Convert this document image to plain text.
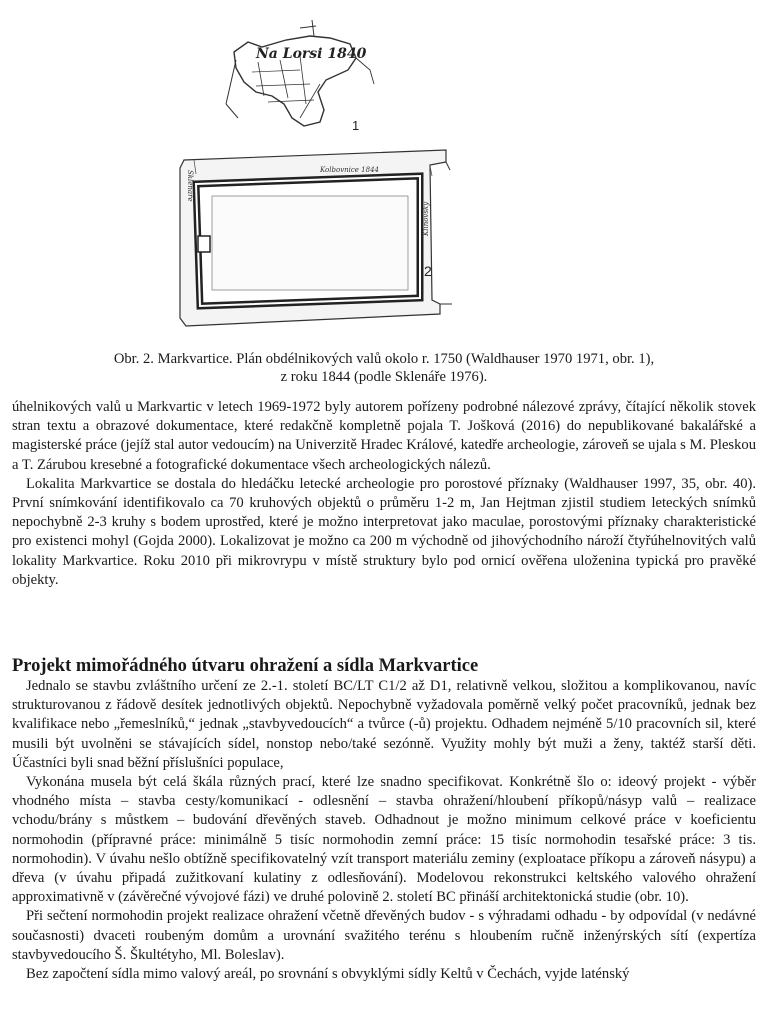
Na Lorsi 1840
1
Kolbovnice 1844
Sklenáře
Klinovský
2
Obr. 2. Markvartice. Plán obdélnikových valů okolo r. 1750 (Waldhauser 1970 1971, obr. 1),
z roku 1844 (podle Sklenáře 1976).

úhelnikových valů u Markvartic v letech 1969-1972 byly autorem pořízeny podrobné nálezové zprávy, čítající několik stovek stran textu a obrazové dokumentace, které redakčně kompletně pojala T. Jošková (2016) do nepublikované bakalářské a magisterské práce (jejíž stal autor vedoucím) na Univerzitě Hradec Králové, katedře archeologie, zároveň se ujala s M. Pleskou a T. Zárubou kresebné a fotografické dokumentace všech archeologických nálezů.

Lokalita Markvartice se dostala do hledáčku letecké archeologie pro porostové příznaky (Waldhauser 1997, 35, obr. 40). První snímkování identifikovalo ca 70 kruhových objektů o průměru 1-2 m, Jan Hejtman zjistil studiem leteckých snímků nepochybně 2-3 kruhy s bodem uprostřed, které je možno interpretovat jako maculae, porostovými příznaky charakteristické pro existenci mohyl (Gojda 2000). Lokalizovat je možno ca 200 m východně od jihovýchodního nároží čtyřúhelnovitých valů lokality Markvartice. Roku 2010 při mikrovrypu v místě struktury bylo pod ornicí ověřena uloženina typická pro pravěké objekty.

Projekt mimořádného útvaru ohražení a sídla Markvartice

Jednalo se stavbu zvláštního určení ze 2.-1. století BC/LT C1/2 až D1, relativně velkou, složitou a komplikovanou, navíc strukturovanou z řádově desítek jednotlivých objektů. Nepochybně vyžadovala poměrně velký počet pracovníků, jednak bez kvalifikace nebo „řemeslníků,“ jednak „stavbyvedoucích“ a tvůrce (-ů) projektu. Odhadem nejméně 5/10 pracovních sil, které musili být uvolněni se stávajících sídel, nonstop nebo/také sezónně. Využity mohly být muži a ženy, taktéž starší děti. Účastníci byli snad běžní příslušníci populace,

Vykonána musela být celá škála různých prací, které lze snadno specifikovat. Konkrétně šlo o: ideový projekt - výběr vhodného místa – stavba cesty/komunikací - odlesnění – stavba ohražení/hloubení příkopů/násyp valů – realizace vchodu/brány s můstkem – budování dřevěných staveb. Odhadnout je možno minimum celkové práce v koeficientu normohodin (přípravné práce: minimálně 5 tisíc normohodin zemní práce: 15 tisíc normohodin tesařské práce: 3 tis. normohodin). V úvahu nešlo obtížně specifikovatelný vzít transport materiálu zeminy (exploatace příkopu a zároveň násypu) a dřeva (v úvahu připadá zužitkovaní kulatiny z odlesňování). Modelovou rekonstrukci keltského valového ohražení approximativně v (závěrečné vývojové fázi) ve druhé polovině 2. století BC přináší architektonická studie (obr. 10).

Při sečtení normohodin projekt realizace ohražení včetně dřevěných budov - s výhradami odhadu - by odpovídal (v nedávné současnosti) dvaceti roubeným domům a urovnání svažitého terénu s hloubením ručně inženýrských sítí (expertíza stavbyvedoucího Š. Škultétyho, Ml. Boleslav).

Bez započtení sídla mimo valový areál, po srovnání s obvyklými sídly Keltů v Čechách, vyjde laténský
